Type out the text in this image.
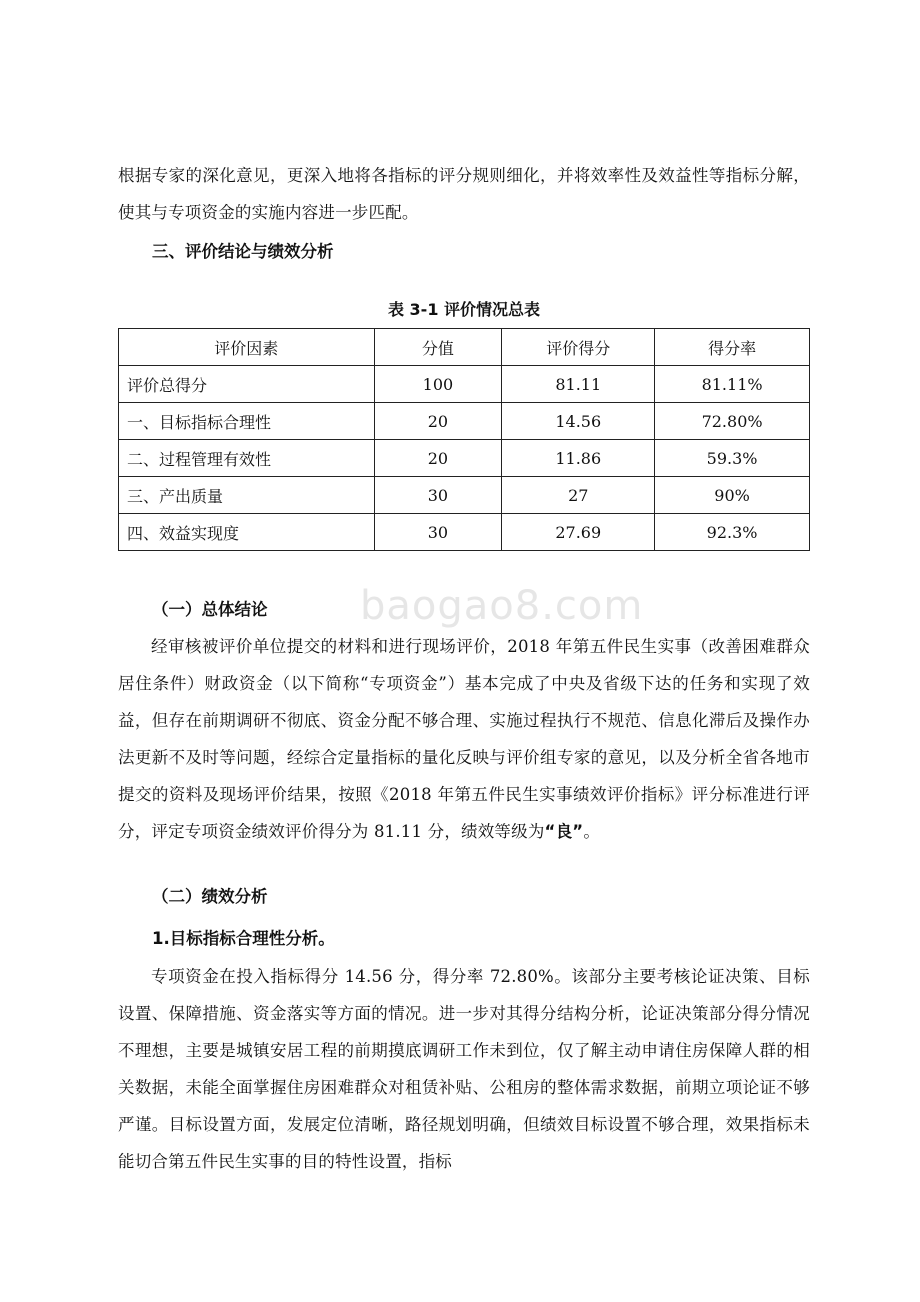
根据专家的深化意见，更深入地将各指标的评分规则细化，并将效率性及效益性等指标分解，使其与专项资金的实施内容进一步匹配。

三、评价结论与绩效分析

表 3-1 评价情况总表

评价因素	分值	评价得分	得分率
评价总得分	100	81.11	81.11%
一、目标指标合理性	20	14.56	72.80%
二、过程管理有效性	20	11.86	59.3%
三、产出质量	30	27	90%
四、效益实现度	30	27.69	92.3%
baogao8.com

（一）总体结论

经审核被评价单位提交的材料和进行现场评价，2018 年第五件民生实事（改善困难群众居住条件）财政资金（以下简称“专项资金”）基本完成了中央及省级下达的任务和实现了效益，但存在前期调研不彻底、资金分配不够合理、实施过程执行不规范、信息化滞后及操作办法更新不及时等问题，经综合定量指标的量化反映与评价组专家的意见，以及分析全省各地市提交的资料及现场评价结果，按照《2018 年第五件民生实事绩效评价指标》评分标准进行评分，评定专项资金绩效评价得分为 81.11 分，绩效等级为“良”。

（二）绩效分析

1.目标指标合理性分析。

专项资金在投入指标得分 14.56 分，得分率 72.80%。该部分主要考核论证决策、目标设置、保障措施、资金落实等方面的情况。进一步对其得分结构分析，论证决策部分得分情况不理想，主要是城镇安居工程的前期摸底调研工作未到位，仅了解主动申请住房保障人群的相关数据，未能全面掌握住房困难群众对租赁补贴、公租房的整体需求数据，前期立项论证不够严谨。目标设置方面，发展定位清晰，路径规划明确，但绩效目标设置不够合理，效果指标未能切合第五件民生实事的目的特性设置，指标
